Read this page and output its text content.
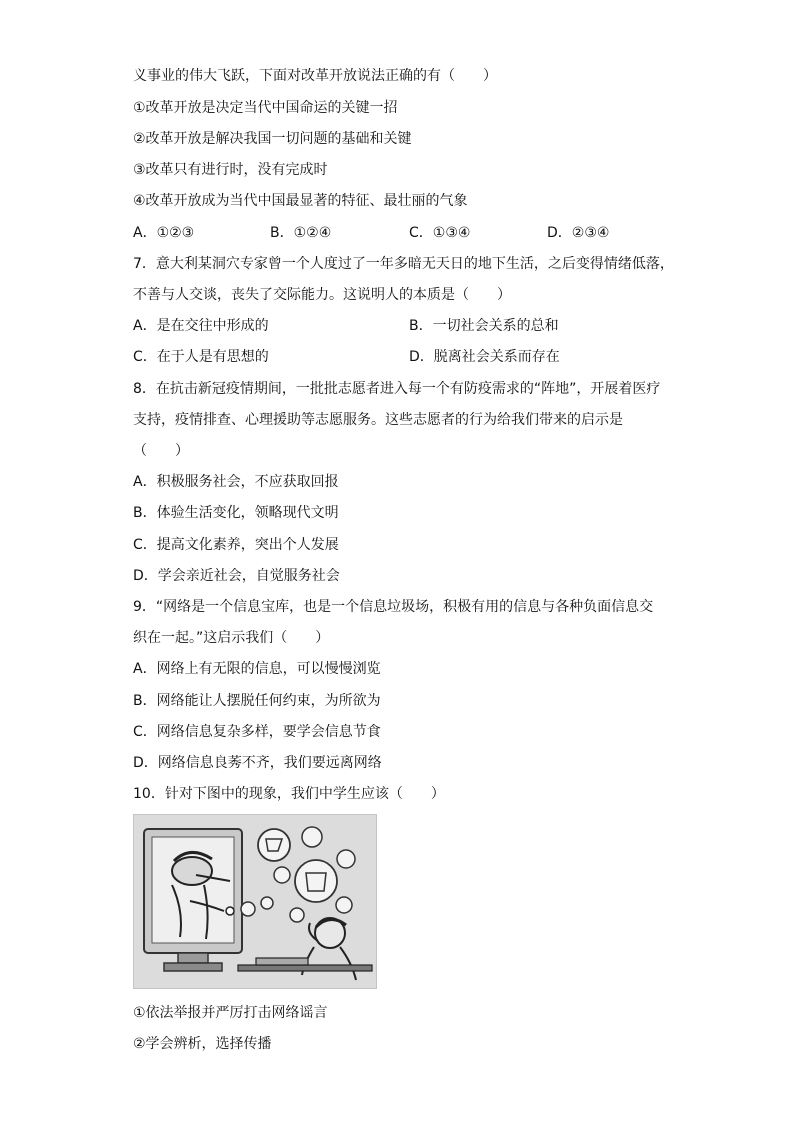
义事业的伟大飞跃，下面对改革开放说法正确的有（　　）
①改革开放是决定当代中国命运的关键一招
②改革开放是解决我国一切问题的基础和关键
③改革只有进行时，没有完成时
④改革开放成为当代中国最显著的特征、最壮丽的气象
A．①②③	B．①②④	C．①③④	D．②③④
7．意大利某洞穴专家曾一个人度过了一年多暗无天日的地下生活，之后变得情绪低落，
不善与人交谈，丧失了交际能力。这说明人的本质是（　　）
A．是在交往中形成的	B．一切社会关系的总和
C．在于人是有思想的	D．脱离社会关系而存在
8．在抗击新冠疫情期间，一批批志愿者进入每一个有防疫需求的“阵地”，开展着医疗
支持，疫情排查、心理援助等志愿服务。这些志愿者的行为给我们带来的启示是
（　　）
A．积极服务社会，不应获取回报
B．体验生活变化，领略现代文明
C．提高文化素养，突出个人发展
D．学会亲近社会，自觉服务社会
9．“网络是一个信息宝库，也是一个信息垃圾场，积极有用的信息与各种负面信息交
织在一起。”这启示我们（　　）
A．网络上有无限的信息，可以慢慢浏览
B．网络能让人摆脱任何约束，为所欲为
C．网络信息复杂多样，要学会信息节食
D．网络信息良莠不齐，我们要远离网络
10．针对下图中的现象，我们中学生应该（　　）
①依法举报并严厉打击网络谣言
②学会辨析，选择传播
